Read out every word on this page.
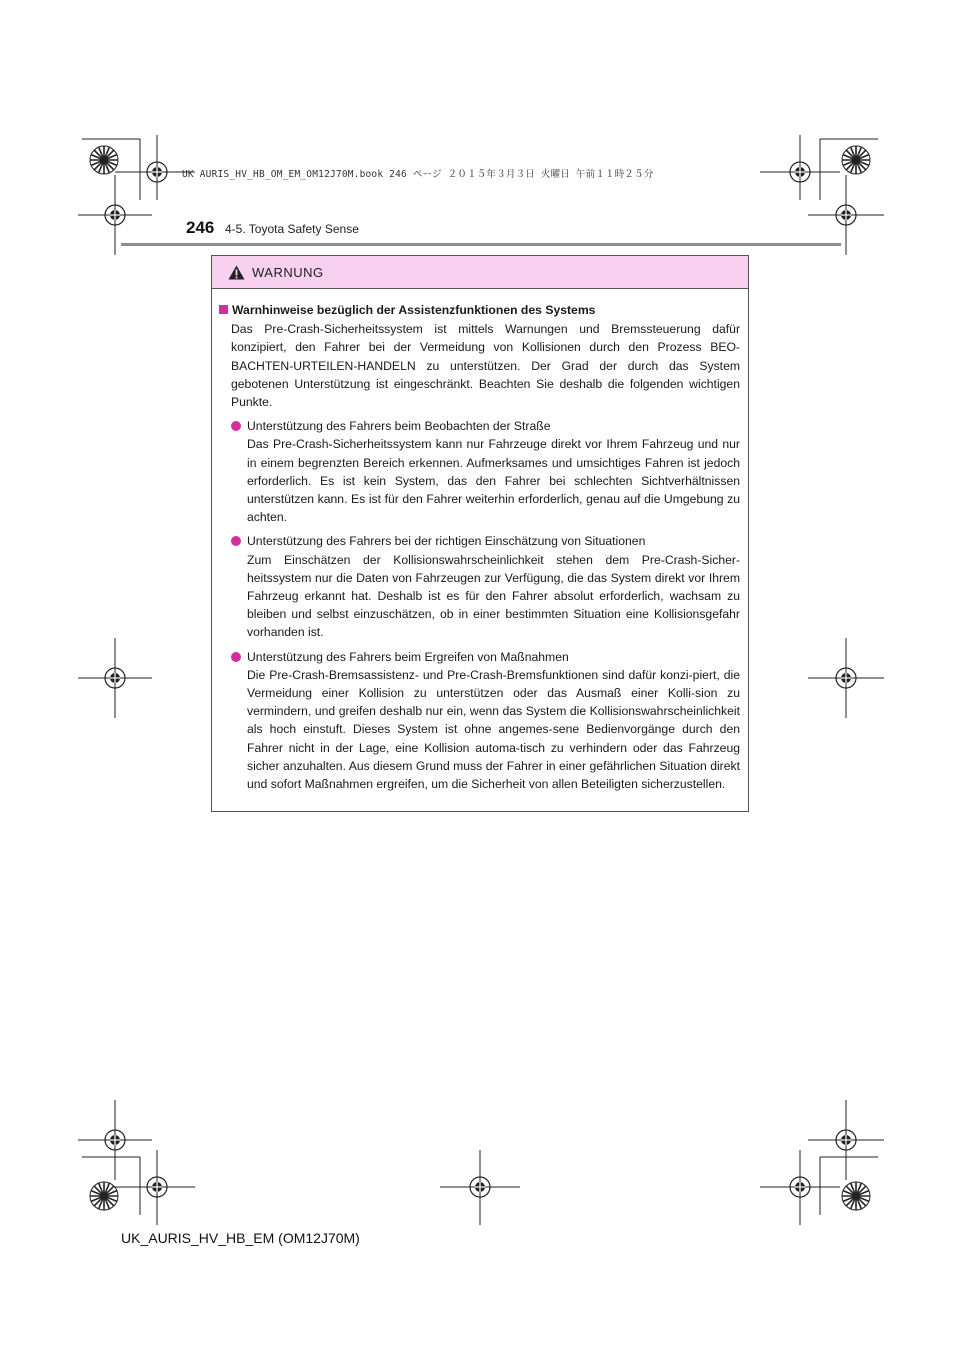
UK AURIS_HV_HB_OM_EM_OM12J70M.book 246 ページ ２０１５年３月３日 火曜日 午前１１時２５分
246 4-5. Toyota Safety Sense
WARNUNG
Warnhinweise bezüglich der Assistenzfunktionen des Systems
Das Pre-Crash-Sicherheitssystem ist mittels Warnungen und Bremssteuerung dafür konzipiert, den Fahrer bei der Vermeidung von Kollisionen durch den Prozess BEO-BACHTEN-URTEILEN-HANDELN zu unterstützen. Der Grad der durch das System gebotenen Unterstützung ist eingeschränkt. Beachten Sie deshalb die folgenden wichtigen Punkte.
Unterstützung des Fahrers beim Beobachten der Straße
Das Pre-Crash-Sicherheitssystem kann nur Fahrzeuge direkt vor Ihrem Fahrzeug und nur in einem begrenzten Bereich erkennen. Aufmerksames und umsichtiges Fahren ist jedoch erforderlich. Es ist kein System, das den Fahrer bei schlechten Sichtverhältnissen unterstützen kann. Es ist für den Fahrer weiterhin erforderlich, genau auf die Umgebung zu achten.
Unterstützung des Fahrers bei der richtigen Einschätzung von Situationen
Zum Einschätzen der Kollisionswahrscheinlichkeit stehen dem Pre-Crash-Sicher-heitssystem nur die Daten von Fahrzeugen zur Verfügung, die das System direkt vor Ihrem Fahrzeug erkannt hat. Deshalb ist es für den Fahrer absolut erforderlich, wachsam zu bleiben und selbst einzuschätzen, ob in einer bestimmten Situation eine Kollisionsgefahr vorhanden ist.
Unterstützung des Fahrers beim Ergreifen von Maßnahmen
Die Pre-Crash-Bremsassistenz- und Pre-Crash-Bremsfunktionen sind dafür konzi-piert, die Vermeidung einer Kollision zu unterstützen oder das Ausmaß einer Kolli-sion zu vermindern, und greifen deshalb nur ein, wenn das System die Kollisionswahrscheinlichkeit als hoch einstuft. Dieses System ist ohne angemes-sene Bedienvorgänge durch den Fahrer nicht in der Lage, eine Kollision automa-tisch zu verhindern oder das Fahrzeug sicher anzuhalten. Aus diesem Grund muss der Fahrer in einer gefährlichen Situation direkt und sofort Maßnahmen ergreifen, um die Sicherheit von allen Beteiligten sicherzustellen.
UK_AURIS_HV_HB_EM (OM12J70M)
